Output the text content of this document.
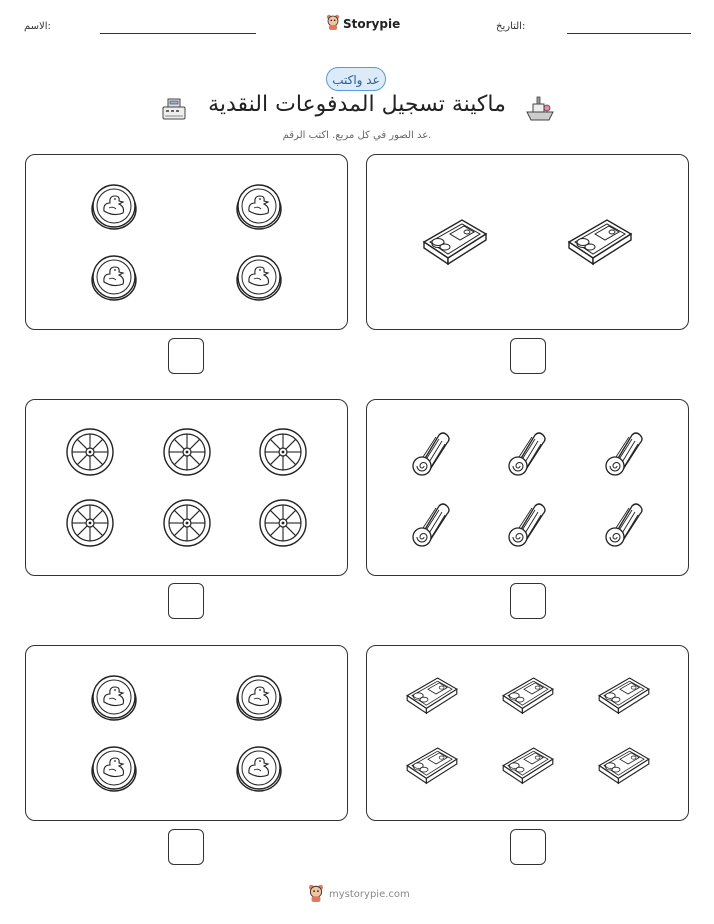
الاسم:	Storypie	التاريخ:
عد واكتب
ماكينة تسجيل المدفوعات النقدية
عد الصور في كل مربع. اكتب الرقم.
mystorypie.com
